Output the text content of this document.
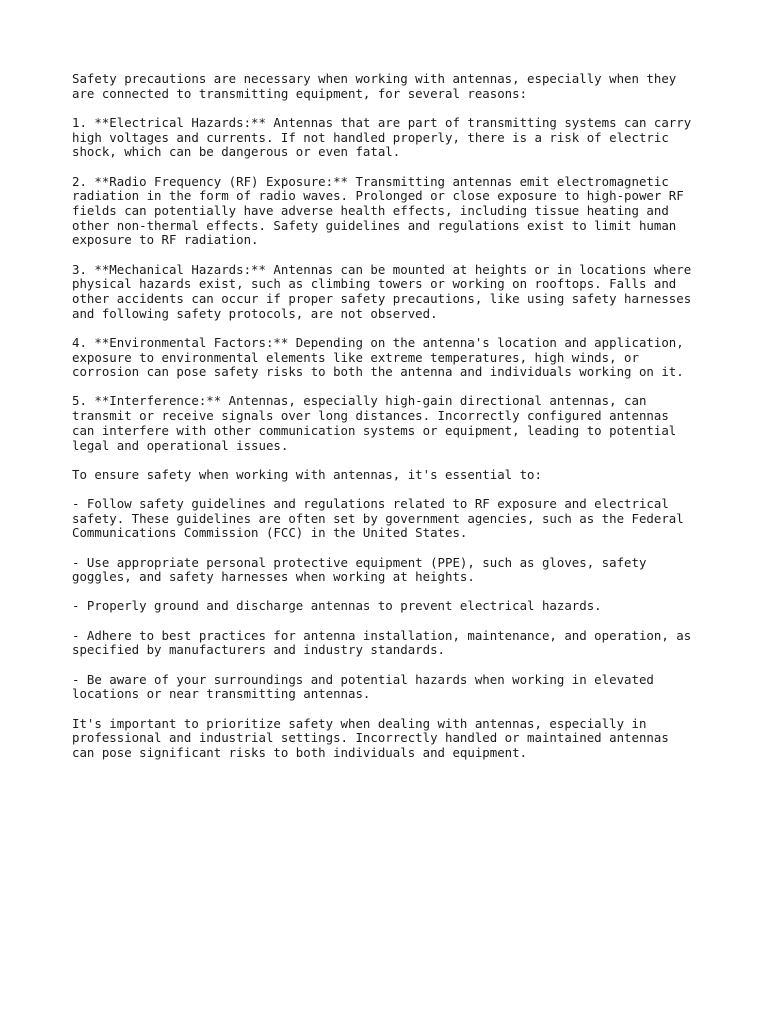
Safety precautions are necessary when working with antennas, especially when they
are connected to transmitting equipment, for several reasons:

1. **Electrical Hazards:** Antennas that are part of transmitting systems can carry
high voltages and currents. If not handled properly, there is a risk of electric
shock, which can be dangerous or even fatal.

2. **Radio Frequency (RF) Exposure:** Transmitting antennas emit electromagnetic
radiation in the form of radio waves. Prolonged or close exposure to high-power RF
fields can potentially have adverse health effects, including tissue heating and
other non-thermal effects. Safety guidelines and regulations exist to limit human
exposure to RF radiation.

3. **Mechanical Hazards:** Antennas can be mounted at heights or in locations where
physical hazards exist, such as climbing towers or working on rooftops. Falls and
other accidents can occur if proper safety precautions, like using safety harnesses
and following safety protocols, are not observed.

4. **Environmental Factors:** Depending on the antenna's location and application,
exposure to environmental elements like extreme temperatures, high winds, or
corrosion can pose safety risks to both the antenna and individuals working on it.

5. **Interference:** Antennas, especially high-gain directional antennas, can
transmit or receive signals over long distances. Incorrectly configured antennas
can interfere with other communication systems or equipment, leading to potential
legal and operational issues.

To ensure safety when working with antennas, it's essential to:

- Follow safety guidelines and regulations related to RF exposure and electrical
safety. These guidelines are often set by government agencies, such as the Federal
Communications Commission (FCC) in the United States.

- Use appropriate personal protective equipment (PPE), such as gloves, safety
goggles, and safety harnesses when working at heights.

- Properly ground and discharge antennas to prevent electrical hazards.

- Adhere to best practices for antenna installation, maintenance, and operation, as
specified by manufacturers and industry standards.

- Be aware of your surroundings and potential hazards when working in elevated
locations or near transmitting antennas.

It's important to prioritize safety when dealing with antennas, especially in
professional and industrial settings. Incorrectly handled or maintained antennas
can pose significant risks to both individuals and equipment.
